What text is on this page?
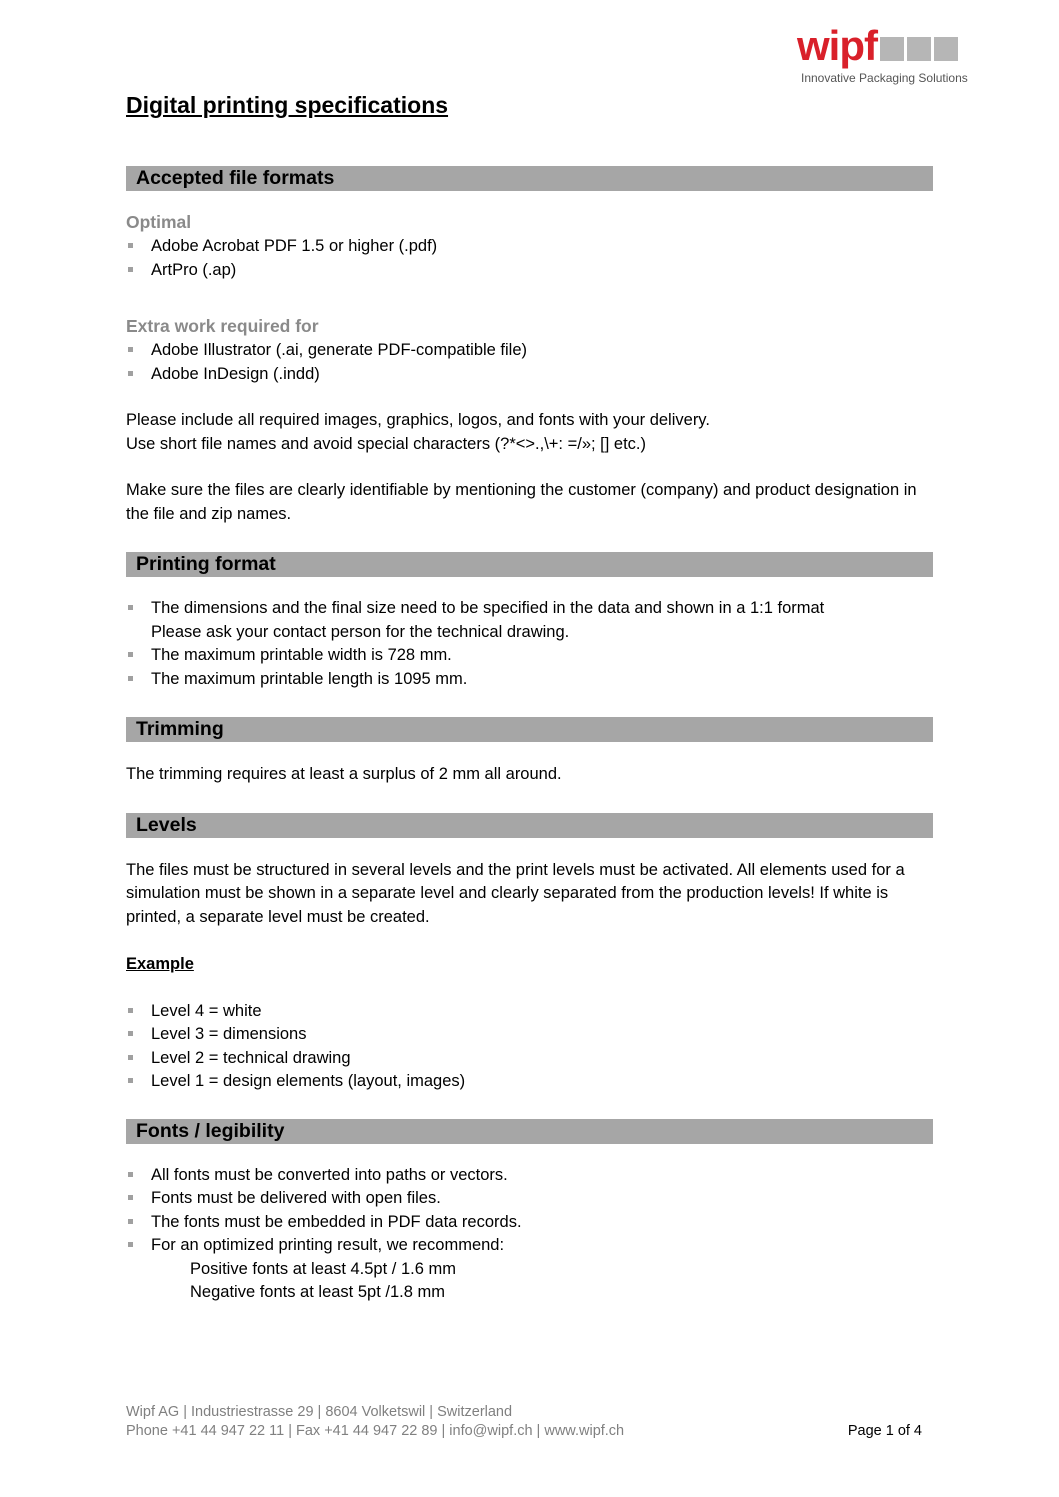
wipf
Innovative Packaging Solutions
Digital printing specifications
Accepted file formats
Optimal
Adobe Acrobat PDF 1.5 or higher (.pdf)
ArtPro (.ap)
Extra work required for
Adobe Illustrator (.ai, generate PDF-compatible file)
Adobe InDesign (.indd)

Please include all required images, graphics, logos, and fonts with your delivery.

Use short file names and avoid special characters (?*<>.,\+: =/»; [] etc.)

Make sure the files are clearly identifiable by mentioning the customer (company) and product designation in the file and zip names.

Printing format
The dimensions and the final size need to be specified in the data and shown in a 1:1 format
Please ask your contact person for the technical drawing.
The maximum printable width is 728 mm.
The maximum printable length is 1095 mm.
Trimming

The trimming requires at least a surplus of 2 mm all around.

Levels

The files must be structured in several levels and the print levels must be activated. All elements used for a simulation must be shown in a separate level and clearly separated from the production levels! If white is printed, a separate level must be created.

Example

Level 4 = white
Level 3 = dimensions
Level 2 = technical drawing
Level 1 = design elements (layout, images)
Fonts / legibility
All fonts must be converted into paths or vectors.
Fonts must be delivered with open files.
The fonts must be embedded in PDF data records.
For an optimized printing result, we recommend:
Positive fonts at least 4.5pt / 1.6 mm
Negative fonts at least 5pt /1.8 mm
Wipf AG | Industriestrasse 29 | 8604 Volketswil | Switzerland
Phone +41 44 947 22 11 | Fax +41 44 947 22 89 | info@wipf.ch | www.wipf.ch	Page 1 of 4
